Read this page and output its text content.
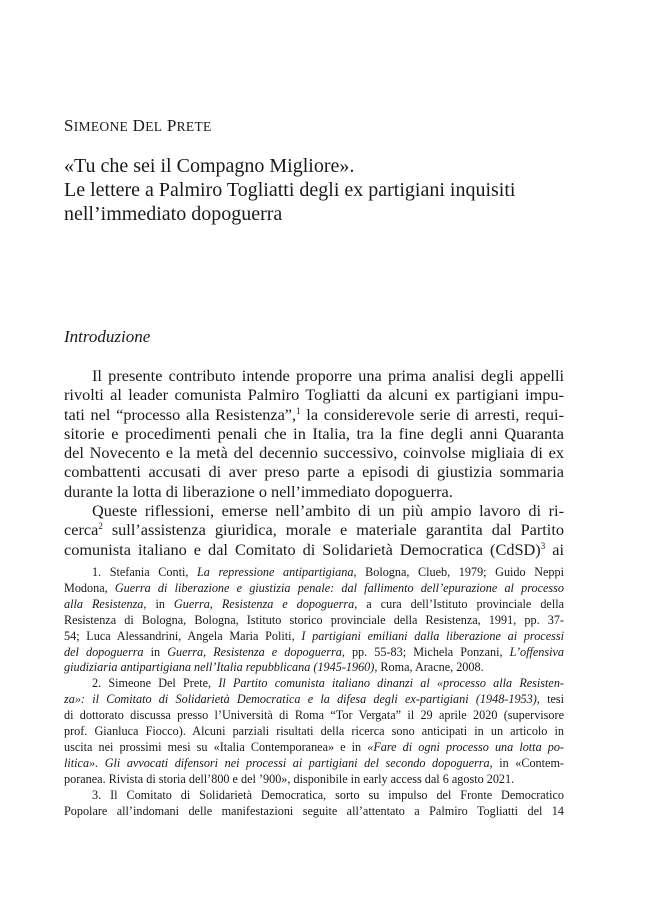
SIMEONE DEL PRETE
«Tu che sei il Compagno Migliore».
Le lettere a Palmiro Togliatti degli ex partigiani inquisiti
nell’immediato dopoguerra
Introduzione
Il presente contributo intende proporre una prima analisi degli appelli
rivolti al leader comunista Palmiro Togliatti da alcuni ex partigiani impu-
tati nel “processo alla Resistenza”,$^1$ la considerevole serie di arresti, requi-
sitorie e procedimenti penali che in Italia, tra la fine degli anni Quaranta
del Novecento e la metà del decennio successivo, coinvolse migliaia di ex
combattenti accusati di aver preso parte a episodi di giustizia sommaria
durante la lotta di liberazione o nell’immediato dopoguerra.
Queste riflessioni, emerse nell’ambito di un più ampio lavoro di ri-
cerca$^2$ sull’assistenza giuridica, morale e materiale garantita dal Partito
comunista italiano e dal Comitato di Solidarietà Democratica (CdSD)$^3$ ai
1. Stefania Conti, La repressione antipartigiana, Bologna, Clueb, 1979; Guido Neppi
Modona, Guerra di liberazione e giustizia penale: dal fallimento dell’epurazione al processo
alla Resistenza, in Guerra, Resistenza e dopoguerra, a cura dell’Istituto provinciale della
Resistenza di Bologna, Bologna, Istituto storico provinciale della Resistenza, 1991, pp. 37-
54; Luca Alessandrini, Angela Maria Politi, I partigiani emiliani dalla liberazione ai processi
del dopoguerra in Guerra, Resistenza e dopoguerra, pp. 55-83; Michela Ponzani, L’offensiva
giudiziaria antipartigiana nell’Italia repubblicana (1945-1960), Roma, Aracne, 2008.
2. Simeone Del Prete, Il Partito comunista italiano dinanzi al «processo alla Resisten-
za»: il Comitato di Solidarietà Democratica e la difesa degli ex-partigiani (1948-1953), tesi
di dottorato discussa presso l’Università di Roma “Tor Vergata” il 29 aprile 2020 (supervisore
prof. Gianluca Fiocco). Alcuni parziali risultati della ricerca sono anticipati in un articolo in
uscita nei prossimi mesi su «Italia Contemporanea» e in «Fare di ogni processo una lotta po-
litica». Gli avvocati difensori nei processi ai partigiani del secondo dopoguerra, in «Contem-
poranea. Rivista di storia dell’800 e del ’900», disponibile in early access dal 6 agosto 2021.
3. Il Comitato di Solidarietà Democratica, sorto su impulso del Fronte Democratico
Popolare all’indomani delle manifestazioni seguite all’attentato a Palmiro Togliatti del 14
